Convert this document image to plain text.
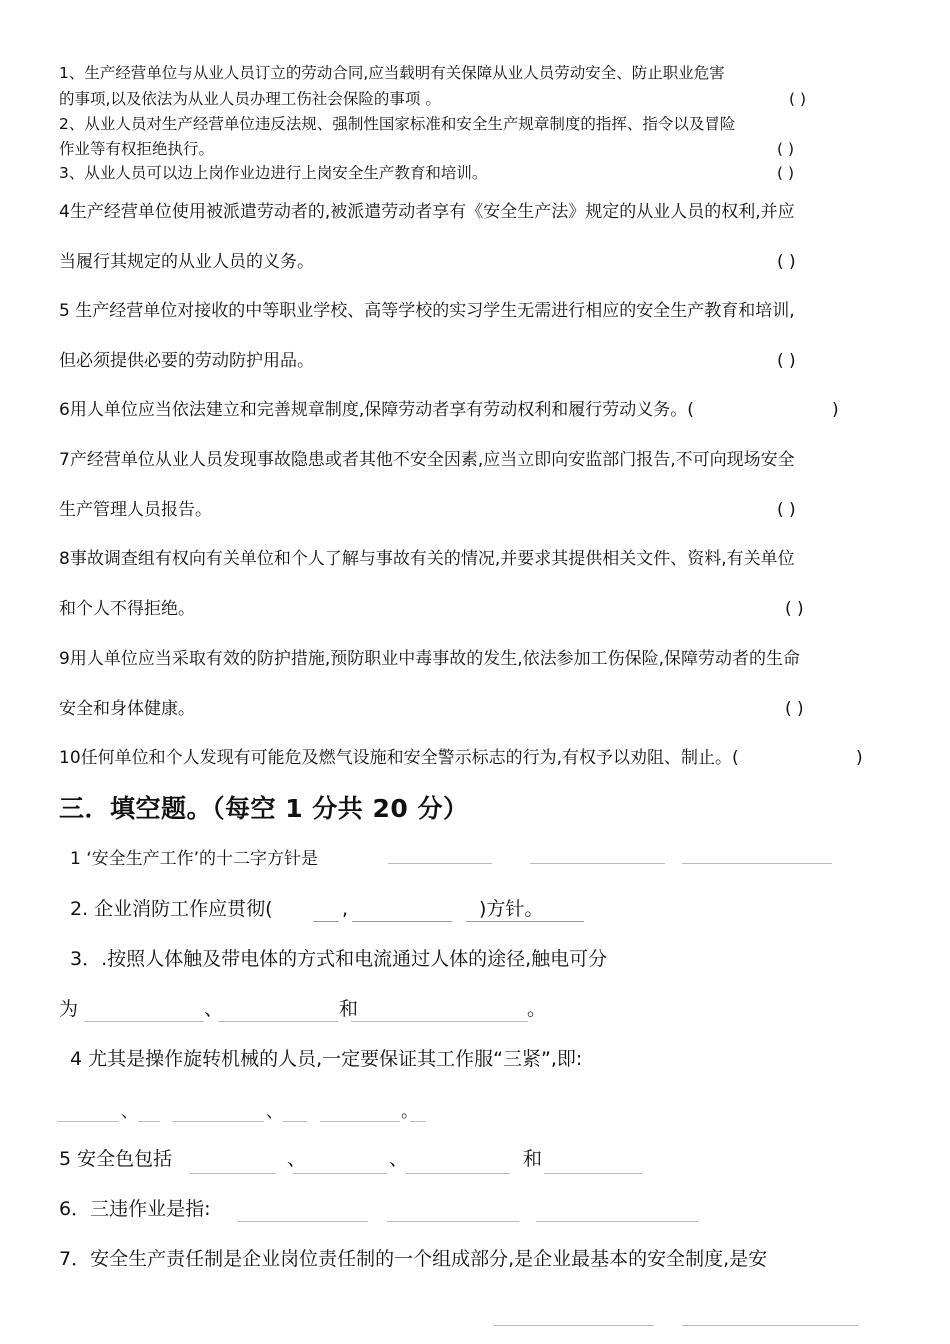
1、生产经营单位与从业人员订立的劳动合同,应当载明有关保障从业人员劳动安全、防止职业危害
的事项,以及依法为从业人员办理工伤社会保险的事项 。	( )
2、从业人员对生产经营单位违反法规、强制性国家标准和安全生产规章制度的指挥、指令以及冒险
作业等有权拒绝执行。	( )
3、从业人员可以边上岗作业边进行上岗安全生产教育和培训。	( )
4生产经营单位使用被派遣劳动者的,被派遣劳动者享有《安全生产法》规定的从业人员的权利,并应
当履行其规定的从业人员的义务。	( )
5 生产经营单位对接收的中等职业学校、高等学校的实习学生无需进行相应的安全生产教育和培训,
但必须提供必要的劳动防护用品。	( )
6用人单位应当依法建立和完善规章制度,保障劳动者享有劳动权利和履行劳动义务。(	)
7产经营单位从业人员发现事故隐患或者其他不安全因素,应当立即向安监部门报告,不可向现场安全
生产管理人员报告。	( )
8事故调查组有权向有关单位和个人了解与事故有关的情况,并要求其提供相关文件、资料,有关单位
和个人不得拒绝。	( )
9用人单位应当采取有效的防护措施,预防职业中毒事故的发生,依法参加工伤保险,保障劳动者的生命
安全和身体健康。	( )
10任何单位和个人发现有可能危及燃气设施和安全警示标志的行为,有权予以劝阻、制止。(	)
三．填空题。（每空 1 分共 20 分）
1 ‘安全生产工作’的十二字方针是
2. 企业消防工作应贯彻(	,	)方针。
3．.按照人体触及带电体的方式和电流通过人体的途径,触电可分
为	、	和	。
4 尤其是操作旋转机械的人员,一定要保证其工作服“三紧”,即:
、	、	。
5 安全色包括	、	、	和
6．三违作业是指:
7．安全生产责任制是企业岗位责任制的一个组成部分,是企业最基本的安全制度,是安
